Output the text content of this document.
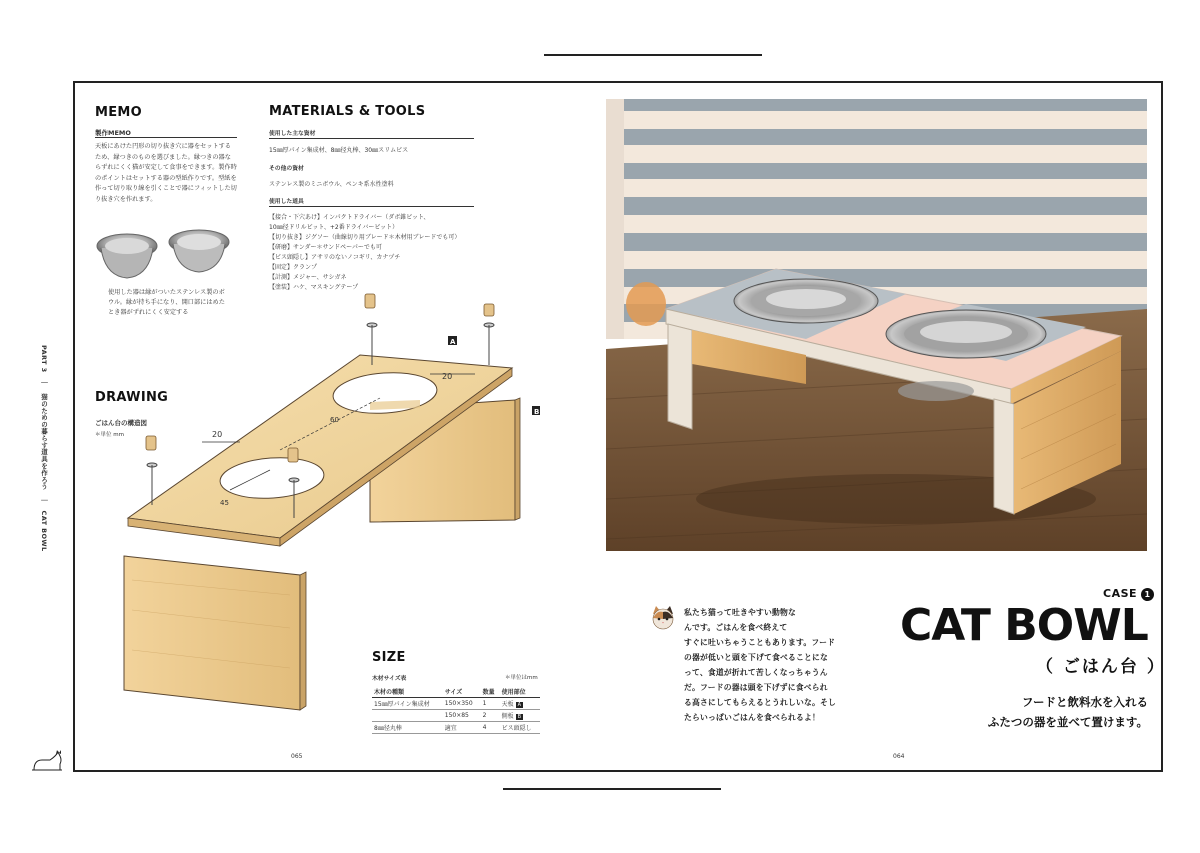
PART 3　｜　猫のための暮らす道具を作ろう　｜　CAT BOWL
MEMO
製作MEMO
天板にあけた円形の切り抜き穴に器をセットするため、縁つきのものを選びました。縁つきの器ならずれにくく猫が安定して食事をできます。製作時のポイントはセットする器の型紙作りです。型紙を作って切り取り線を引くことで器にフィットした切り抜き穴を作れます。
使用した器は縁がついたステンレス製のボウル。縁が持ち手になり、開口部にはめたとき器がずれにくく安定する
MATERIALS & TOOLS
使用した主な資材
15㎜厚パイン集成材、8㎜径丸棒、30㎜スリムビス
その他の資材
ステンレス製のミニボウル、ペンキ系水性塗料
使用した道具
【接合・下穴あけ】インパクトドライバー（ダボ錐ビット、
10㎜径ドリルビット、+2番ドライバービット）
【切り抜き】ジグソー（曲線切り用ブレード＊木材用ブレードでも可）
【研磨】サンダー＊サンドペーパーでも可
【ビス頭隠し】アサリのないノコギリ、カナヅチ
【固定】クランプ
【計測】メジャー、サシガネ
【塗装】ハケ、マスキングテープ
DRAWING
ごはん台の構造図
＊単位 mm
20
20
60
45
A
B
SIZE
木材サイズ表	＊単位はmm
木材の種類	サイズ	数量	使用部位
15㎜厚パイン集成材	150×350	1	天板 A
	150×85	2	側板 B
8㎜径丸棒	適宜	4	ビス頭隠し
065	064
私たち猫って吐きやすい動物な
んです。ごはんを食べ終えて
すぐに吐いちゃうこともあります。フード
の器が低いと頭を下げて食べることにな
って、食道が折れて苦しくなっちゃうん
だ。フードの器は頭を下げずに食べられ
る高さにしてもらえるとうれしいな。そし
たらいっぱいごはんを食べられるよ！
CASE 1
CAT BOWL
（ ごはん台 ）
フードと飲料水を入れる
ふたつの器を並べて置けます。
